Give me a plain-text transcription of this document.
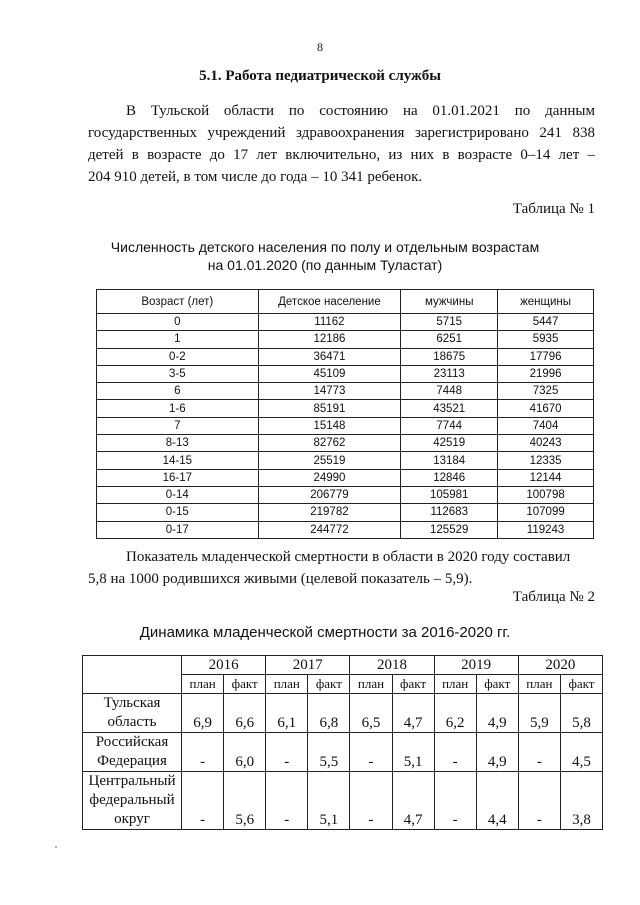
8
5.1. Работа педиатрической службы
В Тульской области по состоянию на 01.01.2021 по данным
государственных учреждений здравоохранения зарегистрировано 241 838
детей в возрасте до 17 лет включительно, из них в возрасте 0–14 лет –
204 910 детей, в том числе до года – 10 341 ребенок.
Таблица № 1
Численность детского населения по полу и отдельным возрастам
на 01.01.2020 (по данным Туластат)
Возраст (лет)	Детское население	мужчины	женщины
0	11162	5715	5447
1	12186	6251	5935
0-2	36471	18675	17796
3-5	45109	23113	21996
6	14773	7448	7325
1-6	85191	43521	41670
7	15148	7744	7404
8-13	82762	42519	40243
14-15	25519	13184	12335
16-17	24990	12846	12144
0-14	206779	105981	100798
0-15	219782	112683	107099
0-17	244772	125529	119243
Показатель младенческой смертности в области в 2020 году составил
5,8 на 1000 родившихся живыми (целевой показатель – 5,9).
Таблица № 2
Динамика младенческой смертности за 2016-2020 гг.
	2016		2017		2018		2019		2020	
	план	факт	план	факт	план	факт	план	факт	план	факт

Тульская
область	6,9	6,6	6,1	6,8	6,5	4,7	6,2	4,9	5,9	5,8

Российская
Федерация	-	6,0	-	5,5	-	5,1	-	4,9	-	4,5

Центральный
федеральный
округ	-	5,6	-	5,1	-	4,7	-	4,4	-	3,8
